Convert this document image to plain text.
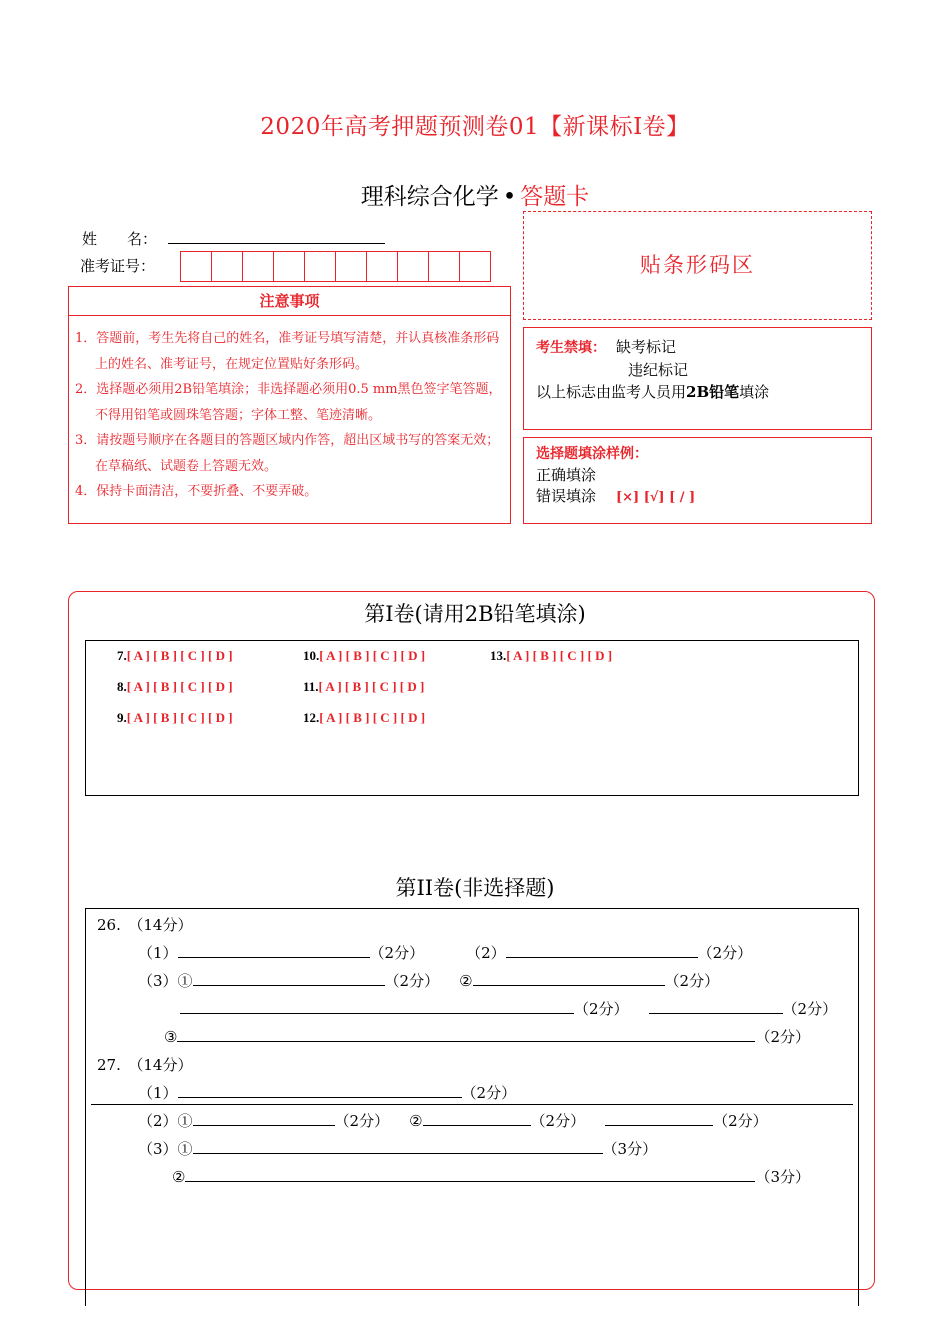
2020年高考押题预测卷01【新课标Ⅰ卷】
理科综合化学 • 答题卡
姓　　名：
准考证号：
注意事项

1．答题前，考生先将自己的姓名，准考证号填写清楚，并认真核准条形码上的姓名、准考证号，在规定位置贴好条形码。

2．选择题必须用2B铅笔填涂；非选择题必须用0.5 mm黑色签字笔答题，不得用铅笔或圆珠笔答题；字体工整、笔迹清晰。

3．请按题号顺序在各题目的答题区域内作答，超出区域书写的答案无效；在草稿纸、试题卷上答题无效。

4．保持卡面清洁，不要折叠、不要弄破。

贴条形码区
考生禁填： 缺考标记
违纪标记
以上标志由监考人员用2B铅笔填涂
选择题填涂样例：
正确填涂
错误填涂 [×] [√] [ / ]
第Ⅰ卷(请用2B铅笔填涂)
7.[ A ] [ B ] [ C ] [ D ]
8.[ A ] [ B ] [ C ] [ D ]
9.[ A ] [ B ] [ C ] [ D ]
10.[ A ] [ B ] [ C ] [ D ]
11.[ A ] [ B ] [ C ] [ D ]
12.[ A ] [ B ] [ C ] [ D ]
13.[ A ] [ B ] [ C ] [ D ]
第II卷(非选择题)
26.　（14分）
（1）	（2分）	（2）	（2分）
（3）①	（2分） ②	（2分）
（2分）	（2分）
③	（2分）
27.　（14分）
（1）	（2分）
（2）①	（2分） ②	（2分）	（2分）
（3）①	（3分）
②	（3分）
